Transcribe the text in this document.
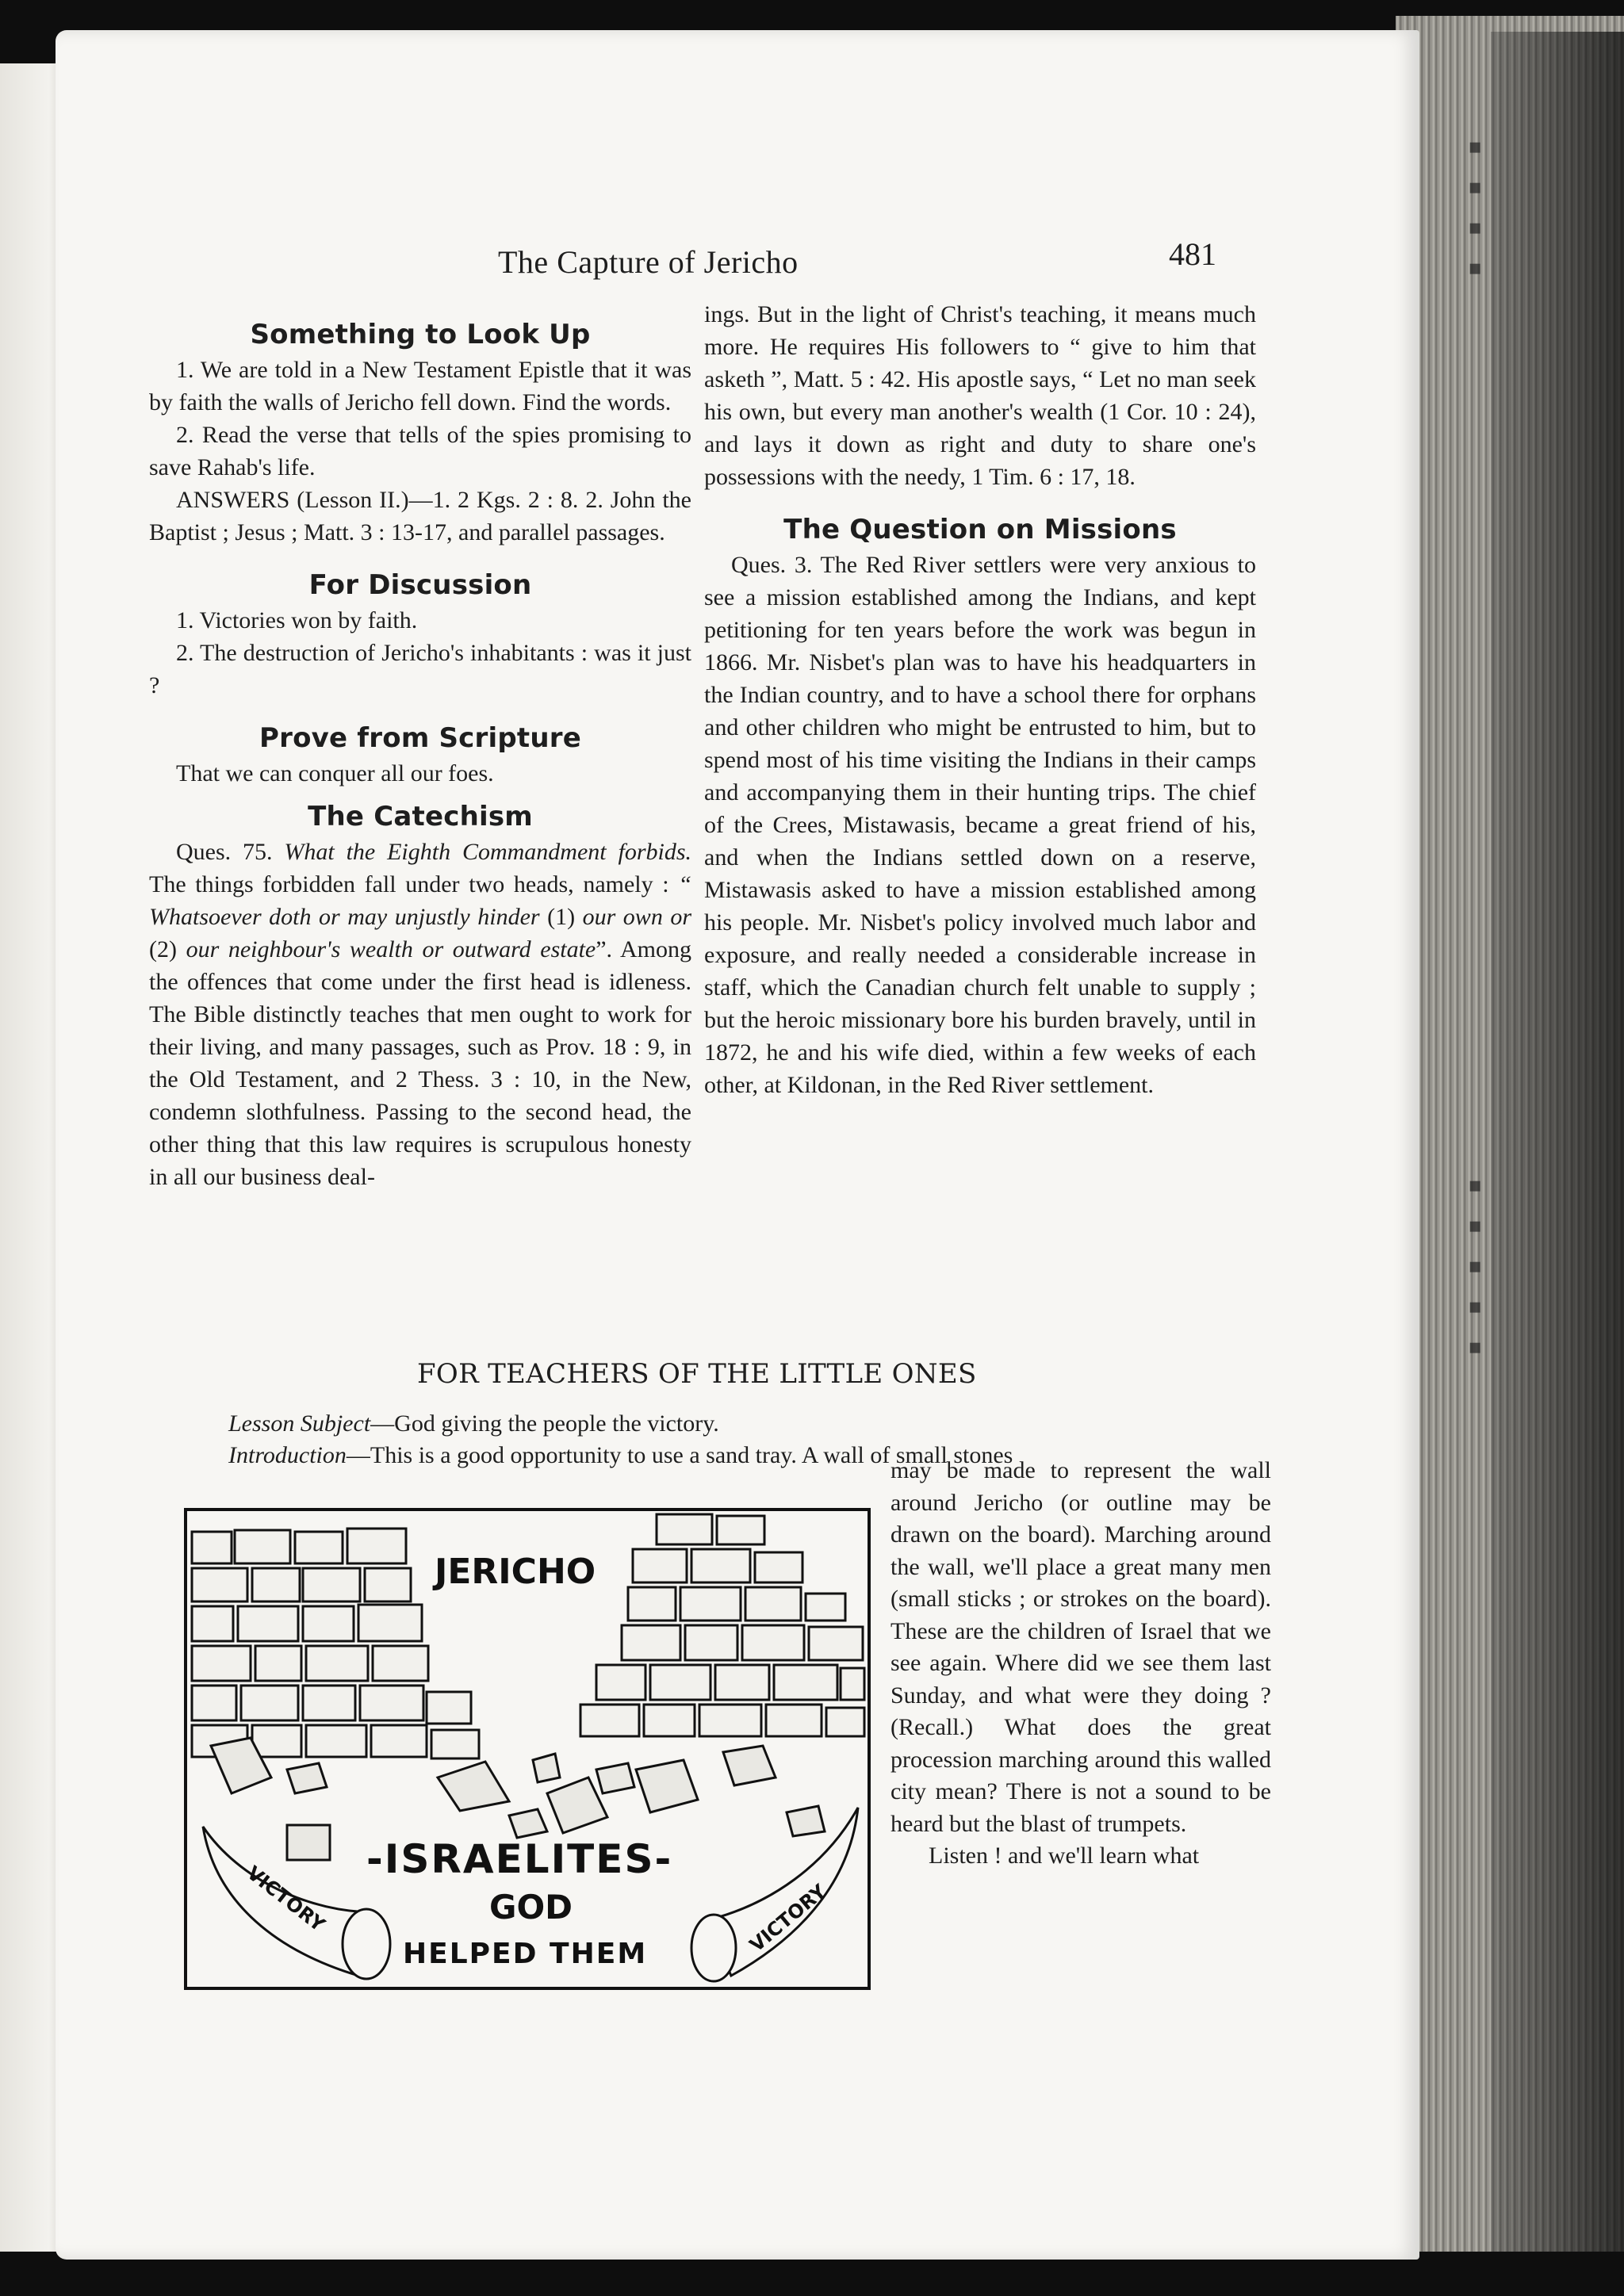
▪ ▪ ▪ ▪
▪ ▪ ▪ ▪ ▪
The Capture of Jericho	481
Something to Look Up

1. We are told in a New Testament Epistle that it was by faith the walls of Jericho fell down. Find the words.

2. Read the verse that tells of the spies promising to save Rahab's life.

ANSWERS (Lesson II.)—1. 2 Kgs. 2 : 8. 2. John the Baptist ; Jesus ; Matt. 3 : 13-17, and parallel passages.

For Discussion

1. Victories won by faith.

2. The destruction of Jericho's inhabitants : was it just ?

Prove from Scripture

That we can conquer all our foes.

The Catechism

Ques. 75. What the Eighth Commandment forbids. The things forbidden fall under two heads, namely : “ Whatsoever doth or may unjustly hinder (1) our own or (2) our neighbour's wealth or outward estate”. Among the offences that come under the first head is idleness. The Bible distinctly teaches that men ought to work for their living, and many passages, such as Prov. 18 : 9, in the Old Testament, and 2 Thess. 3 : 10, in the New, condemn slothfulness. Passing to the second head, the other thing that this law requires is scrupulous honesty in all our business deal-

ings. But in the light of Christ's teaching, it means much more. He requires His followers to “ give to him that asketh ”, Matt. 5 : 42. His apostle says, “ Let no man seek his own, but every man another's wealth (1 Cor. 10 : 24), and lays it down as right and duty to share one's possessions with the needy, 1 Tim. 6 : 17, 18.

The Question on Missions

Ques. 3. The Red River settlers were very anxious to see a mission established among the Indians, and kept petitioning for ten years before the work was begun in 1866. Mr. Nisbet's plan was to have his headquarters in the Indian country, and to have a school there for orphans and other children who might be entrusted to him, but to spend most of his time visiting the Indians in their camps and accompanying them in their hunting trips. The chief of the Crees, Mistawasis, became a great friend of his, and when the Indians settled down on a reserve, Mistawasis asked to have a mission established among his people. Mr. Nisbet's policy involved much labor and exposure, and really needed a considerable increase in staff, which the Canadian church felt unable to supply ; but the heroic missionary bore his burden bravely, until in 1872, he and his wife died, within a few weeks of each other, at Kildonan, in the Red River settlement.

FOR TEACHERS OF THE LITTLE ONES
Lesson Subject—God giving the people the victory.
Introduction—This is a good opportunity to use a sand tray. A wall of small stones

may be made to represent the wall around Jericho (or outline may be drawn on the board). Marching around the wall, we'll place a great many men (small sticks ; or strokes on the board). These are the children of Israel that we see again. Where did we see them last Sunday, and what were they doing ? (Recall.) What does the great procession marching around this walled city mean? There is not a sound to be heard but the blast of trumpets.

Listen ! and we'll learn what

JERICHO
-ISRAELITES-
GOD
HELPED THEM
VICTORY	VICTORY
